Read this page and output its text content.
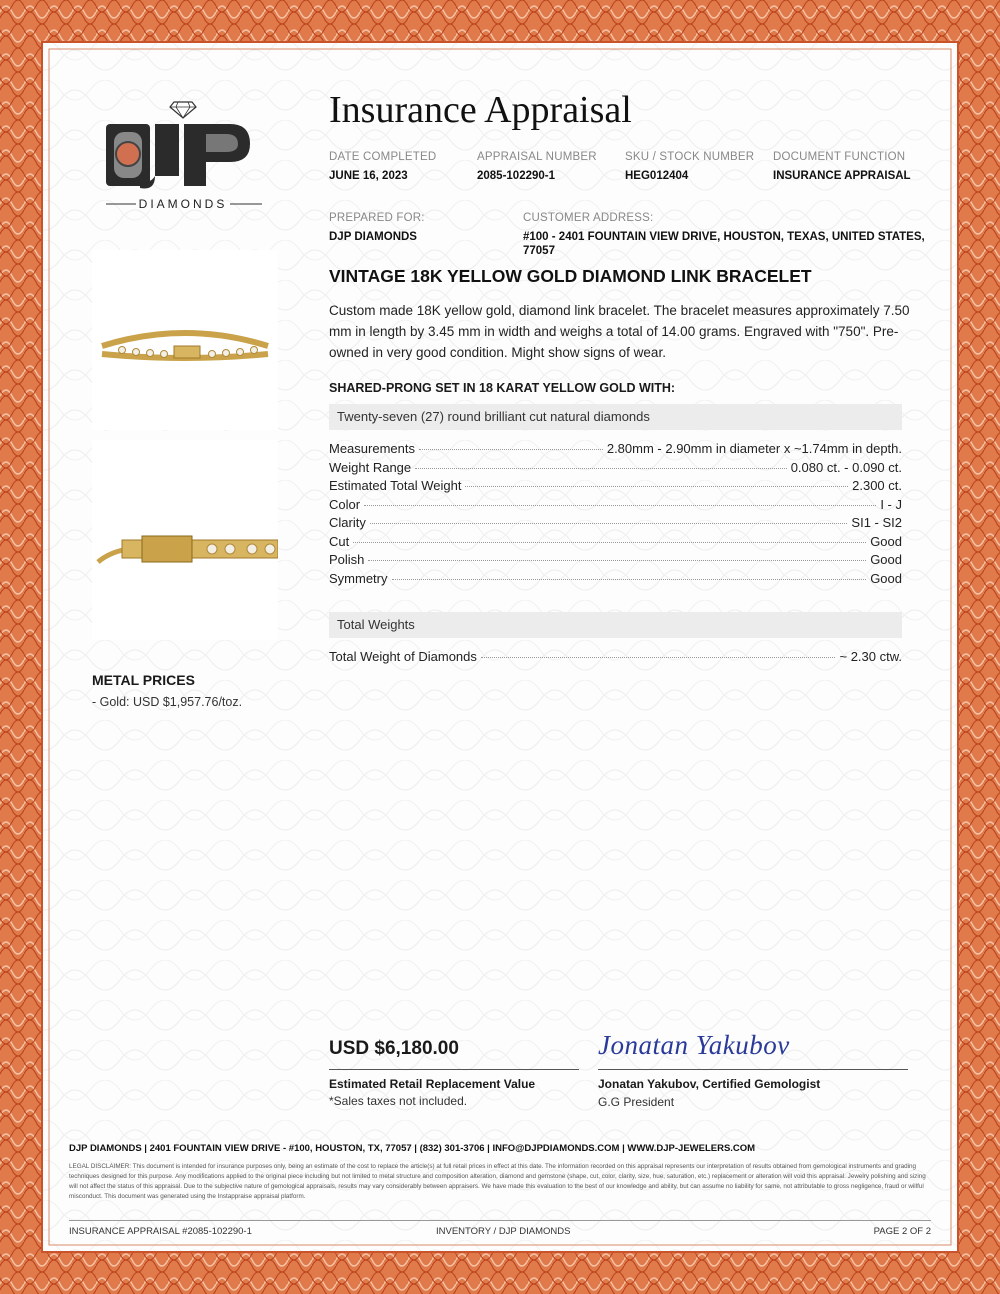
DIAMONDS
METAL PRICES
- Gold: USD $1,957.76/toz.
Insurance Appraisal
DATE COMPLETED
JUNE 16, 2023
APPRAISAL NUMBER
2085-102290-1
SKU / STOCK NUMBER
HEG012404
DOCUMENT FUNCTION
INSURANCE APPRAISAL
PREPARED FOR:
DJP DIAMONDS
CUSTOMER ADDRESS:
#100 - 2401 FOUNTAIN VIEW DRIVE, HOUSTON, TEXAS, UNITED STATES,
77057
VINTAGE 18K YELLOW GOLD DIAMOND LINK BRACELET
Custom made 18K yellow gold, diamond link bracelet. The bracelet measures approximately 7.50 mm in length by 3.45 mm in width and weighs a total of 14.00 grams. Engraved with "750". Pre-owned in very good condition. Might show signs of wear.
SHARED-PRONG SET IN 18 KARAT YELLOW GOLD WITH:
Twenty-seven (27) round brilliant cut natural diamonds
Measurements	2.80mm - 2.90mm in diameter x ~1.74mm in depth.
Weight Range	0.080 ct. - 0.090 ct.
Estimated Total Weight	2.300 ct.
Color	I - J
Clarity	SI1 - SI2
Cut	Good
Polish	Good
Symmetry	Good
Total Weights
Total Weight of Diamonds	~ 2.30 ctw.
USD $6,180.00
Estimated Retail Replacement Value
*Sales taxes not included.
Jonatan Yakubov
Jonatan Yakubov, Certified Gemologist
G.G President
DJP DIAMONDS | 2401 FOUNTAIN VIEW DRIVE - #100, HOUSTON, TX, 77057 | (832) 301-3706 | INFO@DJPDIAMONDS.COM | WWW.DJP-JEWELERS.COM
LEGAL DISCLAIMER: This document is intended for insurance purposes only, being an estimate of the cost to replace the article(s) at full retail prices in effect at this date. The information recorded on this appraisal represents our interpretation of results obtained from gemological instruments and grading techniques designed for this purpose. Any modifications applied to the original piece including but not limited to metal structure and composition alteration, diamond and gemstone (shape, cut, color, clarity, size, hue, saturation, etc.) replacement or alteration will void this appraisal. Jewelry polishing and sizing will not affect the status of this appraisal. Due to the subjective nature of gemological appraisals, results may vary considerably between appraisers. We have made this evaluation to the best of our knowledge and ability, but can assume no liability for same, not attributable to gross negligence, fraud or willful misconduct. This document was generated using the Instappraise appraisal platform.
INSURANCE APPRAISAL #2085-102290-1	INVENTORY / DJP DIAMONDS	PAGE 2 OF 2
